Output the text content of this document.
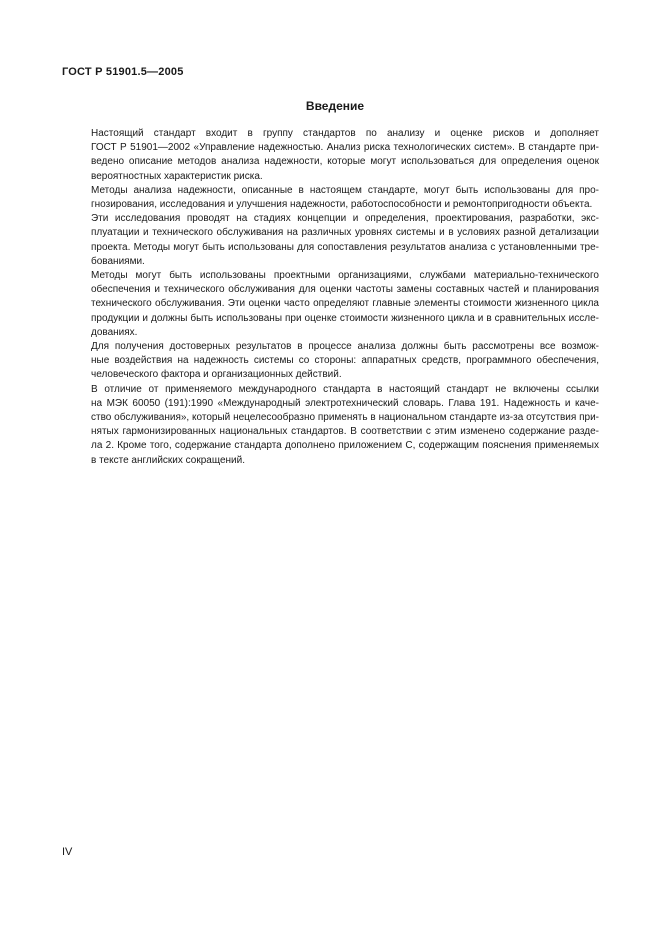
ГОСТ Р 51901.5—2005
Введение

Настоящий стандарт входит в группу стандартов по анализу и оценке рисков и дополняет
ГОСТ Р 51901—2002 «Управление надежностью. Анализ риска технологических систем». В стандарте при-
ведено описание методов анализа надежности, которые могут использоваться для определения оценок
вероятностных характеристик риска.

Методы анализа надежности, описанные в настоящем стандарте, могут быть использованы для про-
гнозирования, исследования и улучшения надежности, работоспособности и ремонтопригодности объекта.

Эти исследования проводят на стадиях концепции и определения, проектирования, разработки, экс-
плуатации и технического обслуживания на различных уровнях системы и в условиях разной детализации
проекта. Методы могут быть использованы для сопоставления результатов анализа с установленными тре-
бованиями.

Методы могут быть использованы проектными организациями, службами материально-технического
обеспечения и технического обслуживания для оценки частоты замены составных частей и планирования
технического обслуживания. Эти оценки часто определяют главные элементы стоимости жизненного цикла
продукции и должны быть использованы при оценке стоимости жизненного цикла и в сравнительных иссле-
дованиях.

Для получения достоверных результатов в процессе анализа должны быть рассмотрены все возмож-
ные воздействия на надежность системы со стороны: аппаратных средств, программного обеспечения,
человеческого фактора и организационных действий.

В отличие от применяемого международного стандарта в настоящий стандарт не включены ссылки
на МЭК 60050 (191):1990 «Международный электротехнический словарь. Глава 191. Надежность и каче-
ство обслуживания», который нецелесообразно применять в национальном стандарте из-за отсутствия при-
нятых гармонизированных национальных стандартов. В соответствии с этим изменено содержание разде-
ла 2. Кроме того, содержание стандарта дополнено приложением С, содержащим пояснения применяемых
в тексте английских сокращений.

IV
